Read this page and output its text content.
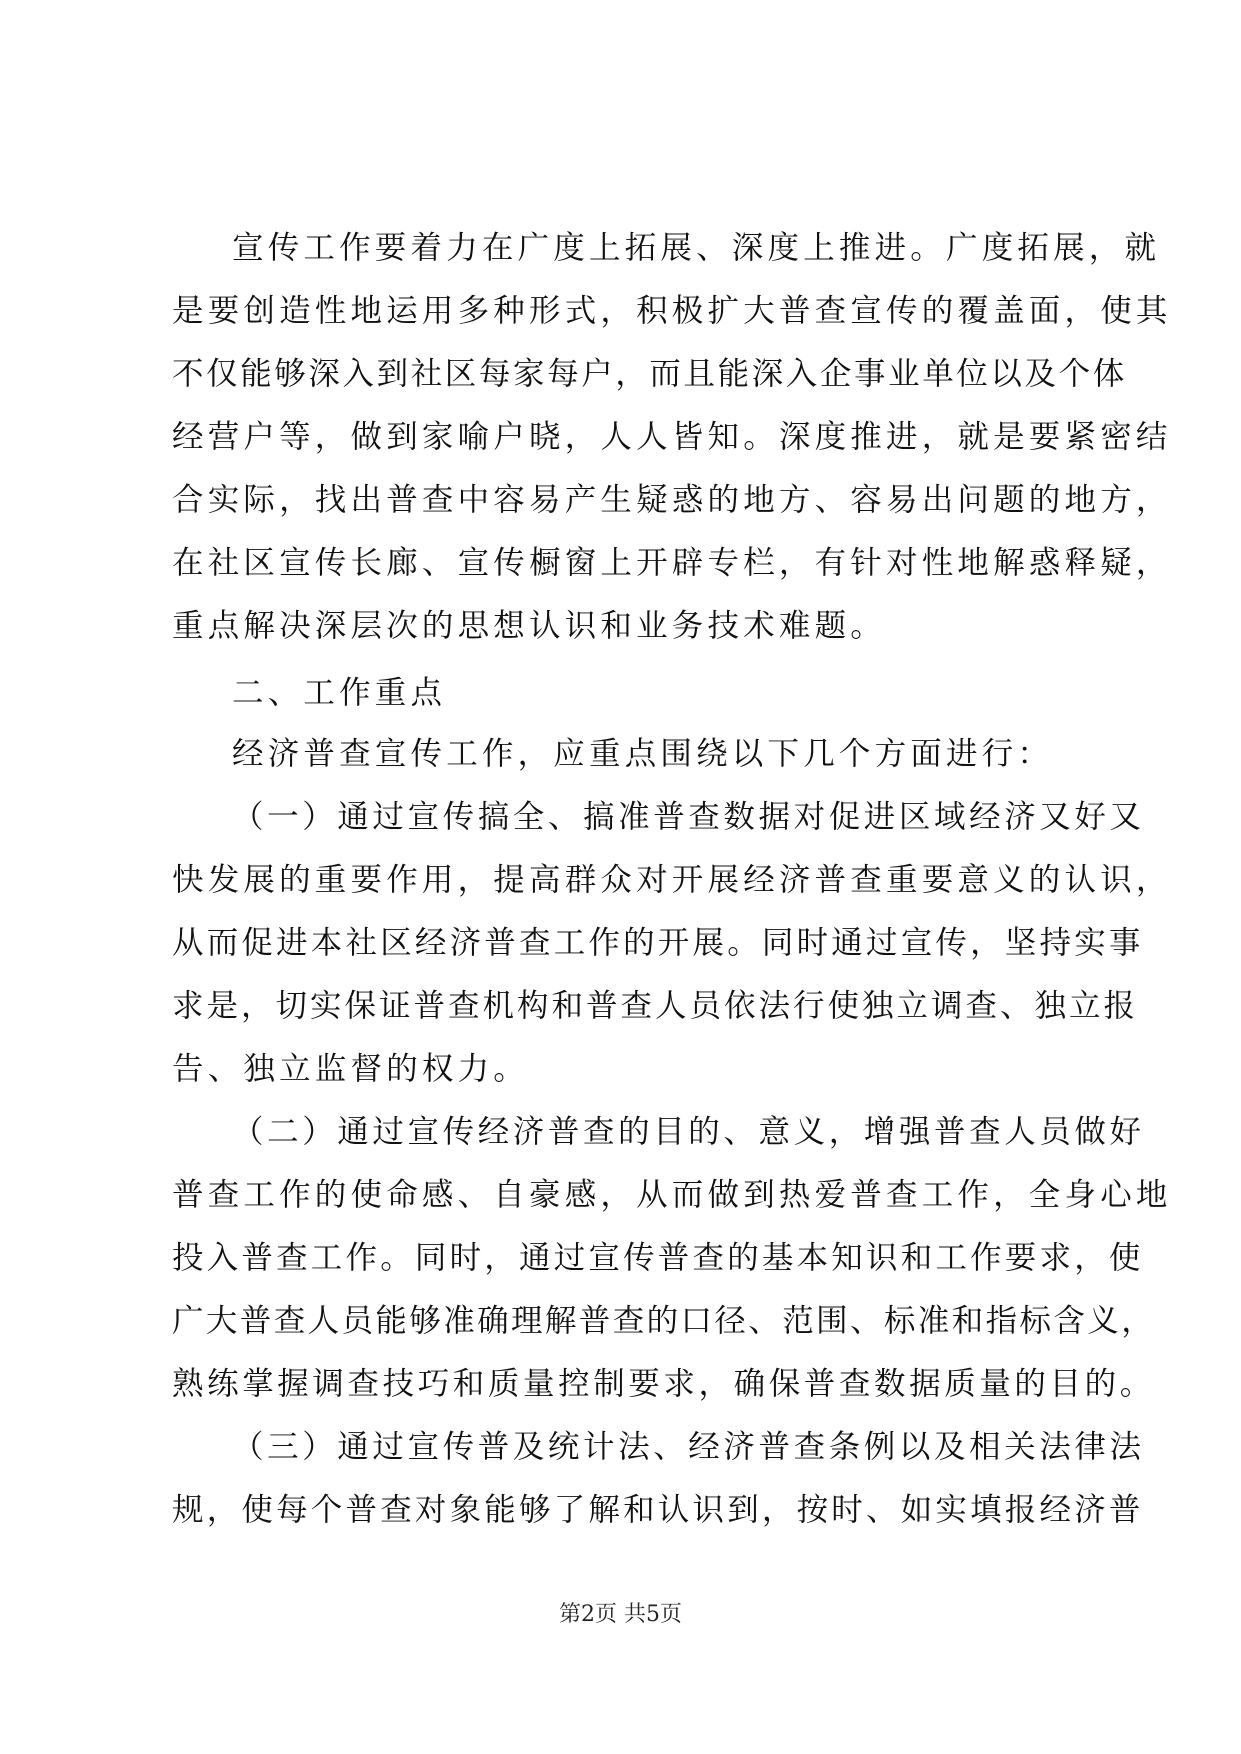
宣传工作要着力在广度上拓展、深度上推进。广度拓展，就
是要创造性地运用多种形式，积极扩大普查宣传的覆盖面，使其
不仅能够深入到社区每家每户，而且能深入企事业单位以及个体
经营户等，做到家喻户晓，人人皆知。深度推进，就是要紧密结
合实际，找出普查中容易产生疑惑的地方、容易出问题的地方，
在社区宣传长廊、宣传橱窗上开辟专栏，有针对性地解惑释疑，
重点解决深层次的思想认识和业务技术难题。
二、工作重点
经济普查宣传工作，应重点围绕以下几个方面进行：
（一）通过宣传搞全、搞准普查数据对促进区域经济又好又
快发展的重要作用，提高群众对开展经济普查重要意义的认识，
从而促进本社区经济普查工作的开展。同时通过宣传，坚持实事
求是，切实保证普查机构和普查人员依法行使独立调查、独立报
告、独立监督的权力。
（二）通过宣传经济普查的目的、意义，增强普查人员做好
普查工作的使命感、自豪感，从而做到热爱普查工作，全身心地
投入普查工作。同时，通过宣传普查的基本知识和工作要求，使
广大普查人员能够准确理解普查的口径、范围、标准和指标含义，
熟练掌握调查技巧和质量控制要求，确保普查数据质量的目的。
（三）通过宣传普及统计法、经济普查条例以及相关法律法
规，使每个普查对象能够了解和认识到，按时、如实填报经济普
第2页 共5页
